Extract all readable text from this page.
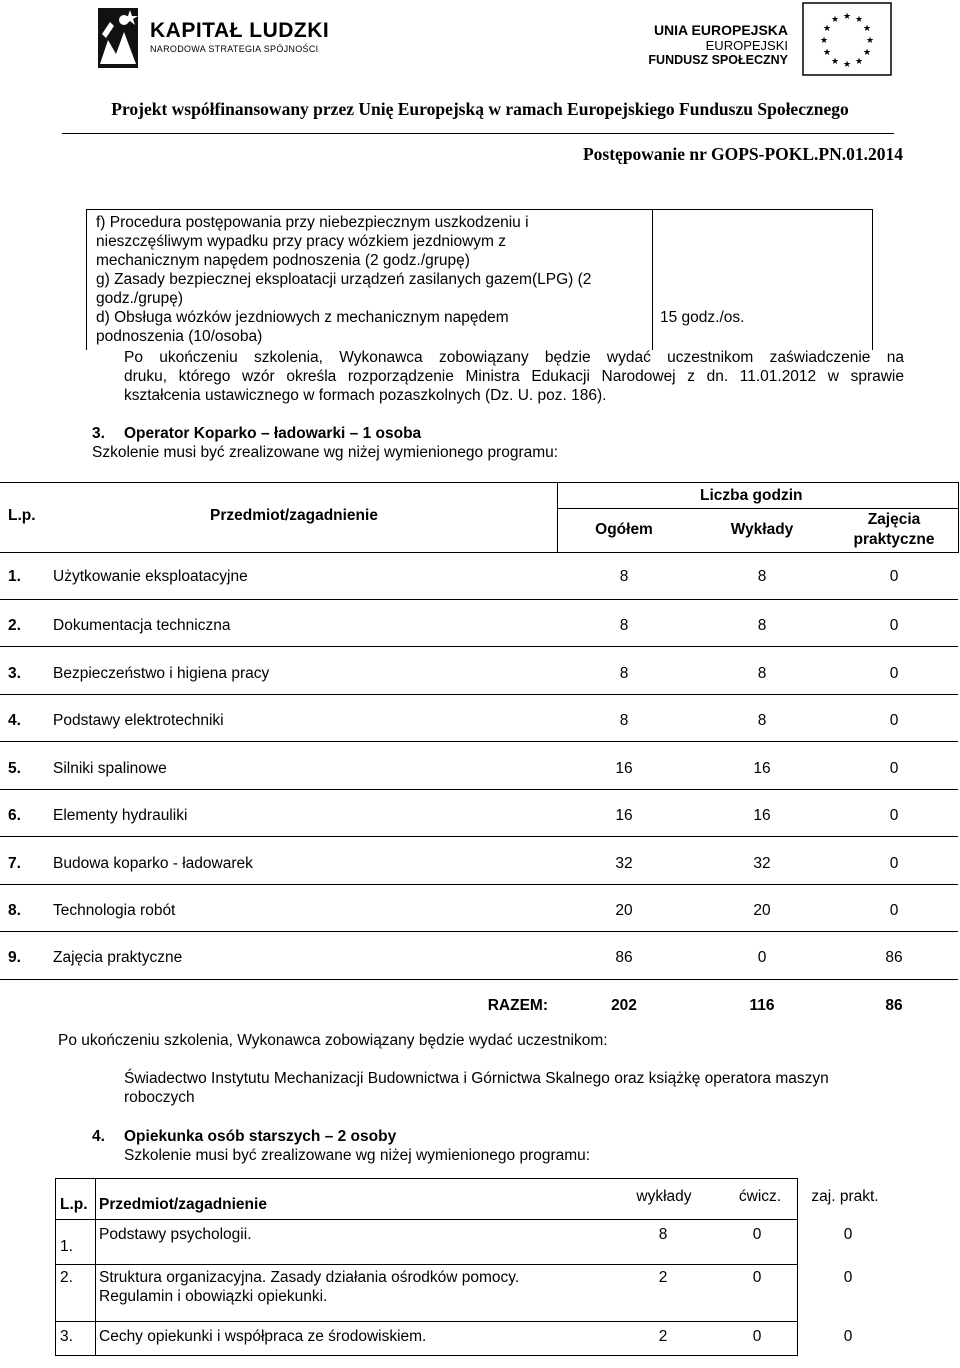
KAPITAŁ LUDZKI
NARODOWA STRATEGIA SPÓJNOŚCI
UNIA EUROPEJSKA
EUROPEJSKI
FUNDUSZ SPOŁECZNY
★ ★
★
★
★
★
★
★
★
★
★
★
Projekt współfinansowany przez Unię Europejską w ramach Europejskiego Funduszu Społecznego
Postępowanie nr GOPS-POKL.PN.01.2014
f) Procedura postępowania przy niebezpiecznym uszkodzeniu i
nieszczęśliwym wypadku przy pracy wózkiem jezdniowym z
mechanicznym napędem podnoszenia (2 godz./grupę)
g) Zasady bezpiecznej eksploatacji urządzeń zasilanych gazem(LPG) (2
godz./grupę)
d) Obsługa wózków jezdniowych z mechanicznym napędem
podnoszenia (10/osoba)
15 godz./os.
Po ukończeniu szkolenia, Wykonawca zobowiązany będzie wydać uczestnikom zaświadczenie na
druku, którego wzór określa rozporządzenie Ministra Edukacji Narodowej z dn. 11.01.2012 w sprawie
kształcenia ustawicznego w formach pozaszkolnych (Dz. U. poz. 186).
3. Operator Koparko – ładowarki – 1 osoba
Szkolenie musi być zrealizowane wg niżej wymienionego programu:
L.p.	Przedmiot/zagadnienie
Liczba godzin
Ogółem	Wykłady
Zajęcia
praktyczne
1. Użytkowanie eksploatacyjne	8	8	0
2. Dokumentacja techniczna	8	8	0
3. Bezpieczeństwo i higiena pracy	8	8	0
4. Podstawy elektrotechniki	8	8	0
5. Silniki spalinowe	16	16	0
6. Elementy hydrauliki	16	16	0
7. Budowa koparko - ładowarek	32	32	0
8. Technologia robót	20	20	0
9. Zajęcia praktyczne	86	0	86
RAZEM:	202	116	86
Po ukończeniu szkolenia, Wykonawca zobowiązany będzie wydać uczestnikom:
Świadectwo Instytutu Mechanizacji Budownictwa i Górnictwa Skalnego oraz książkę operatora maszyn
roboczych
4. Opiekunka osób starszych – 2 osoby
Szkolenie musi być zrealizowane wg niżej wymienionego programu:
L.p. Przedmiot/zagadnienie	wykłady	ćwicz.	zaj. prakt.
1.
Podstawy psychologii.	8	0	0
2. Struktura organizacyjna. Zasady działania ośrodków pomocy.
Regulamin i obowiązki opiekunki.
2	0	0
3. Cechy opiekunki i współpraca ze środowiskiem.	2	0	0
